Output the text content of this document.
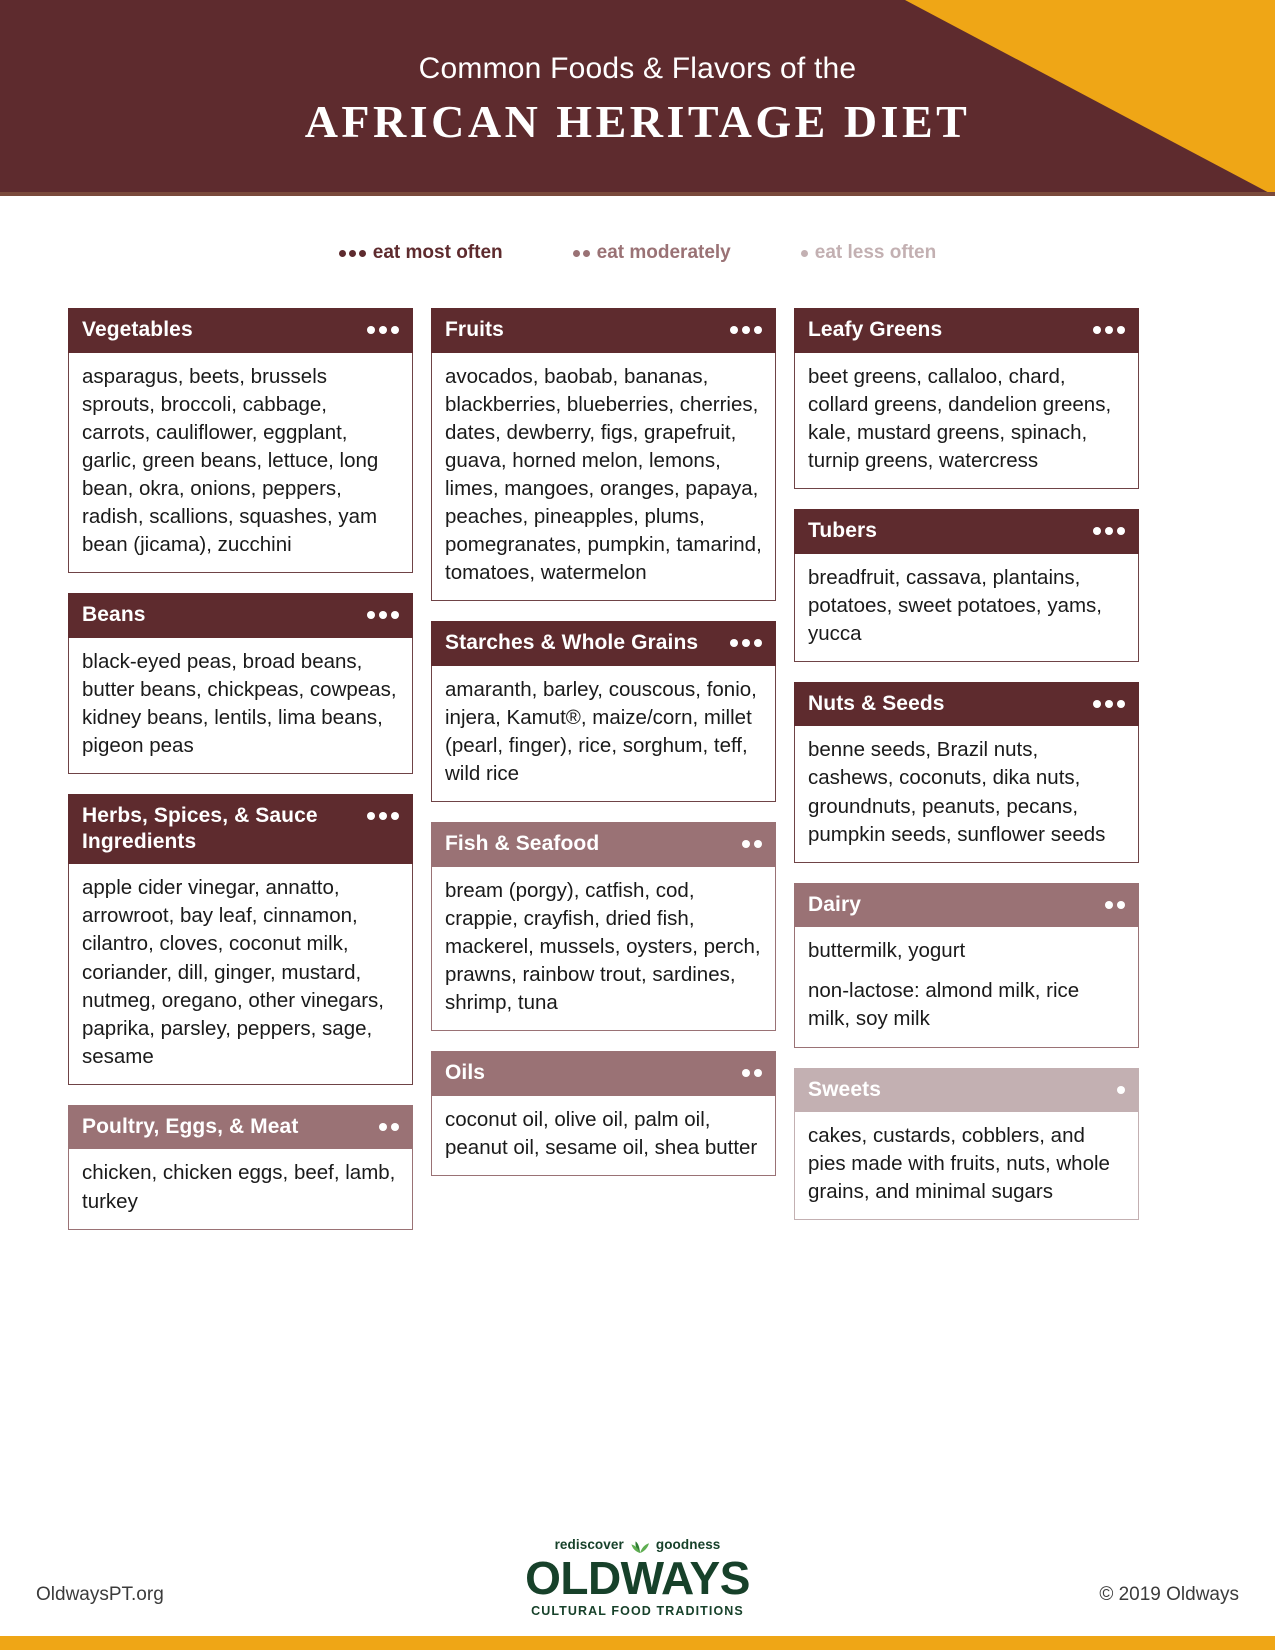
Common Foods & Flavors of the
AFRICAN HERITAGE DIET
eat most often	eat moderately	eat less often
Vegetables

asparagus, beets, brussels sprouts, broccoli, cabbage, carrots, cauliflower, eggplant, garlic, green beans, lettuce, long bean, okra, onions, peppers, radish, scallions, squashes, yam bean (jicama), zucchini

Beans

black-eyed peas, broad beans, butter beans, chickpeas, cowpeas, kidney beans, lentils, lima beans, pigeon peas

Herbs, Spices, & Sauce Ingredients

apple cider vinegar, annatto, arrowroot, bay leaf, cinnamon, cilantro, cloves, coconut milk, coriander, dill, ginger, mustard, nutmeg, oregano, other vinegars, paprika, parsley, peppers, sage, sesame

Poultry, Eggs, & Meat

chicken, chicken eggs, beef, lamb, turkey

Fruits

avocados, baobab, bananas, blackberries, blueberries, cherries, dates, dewberry, figs, grapefruit, guava, horned melon, lemons, limes, mangoes, oranges, papaya, peaches, pineapples, plums, pomegranates, pumpkin, tamarind, tomatoes, watermelon

Starches & Whole Grains

amaranth, barley, couscous, fonio, injera, Kamut®, maize/corn, millet (pearl, finger), rice, sorghum, teff, wild rice

Fish & Seafood

bream (porgy), catfish, cod, crappie, crayfish, dried fish, mackerel, mussels, oysters, perch, prawns, rainbow trout, sardines, shrimp, tuna

Oils

coconut oil, olive oil, palm oil, peanut oil, sesame oil, shea butter

Leafy Greens

beet greens, callaloo, chard, collard greens, dandelion greens, kale, mustard greens, spinach, turnip greens, watercress

Tubers

breadfruit, cassava, plantains, potatoes, sweet potatoes, yams, yucca

Nuts & Seeds

benne seeds, Brazil nuts, cashews, coconuts, dika nuts, groundnuts, peanuts, pecans, pumpkin seeds, sunflower seeds

Dairy

buttermilk, yogurt

non-lactose: almond milk, rice milk, soy milk

Sweets

cakes, custards, cobblers, and pies made with fruits, nuts, whole grains, and minimal sugars

OldwaysPT.org
rediscover goodness
OLDWAYS
CULTURAL FOOD TRADITIONS
© 2019 Oldways
